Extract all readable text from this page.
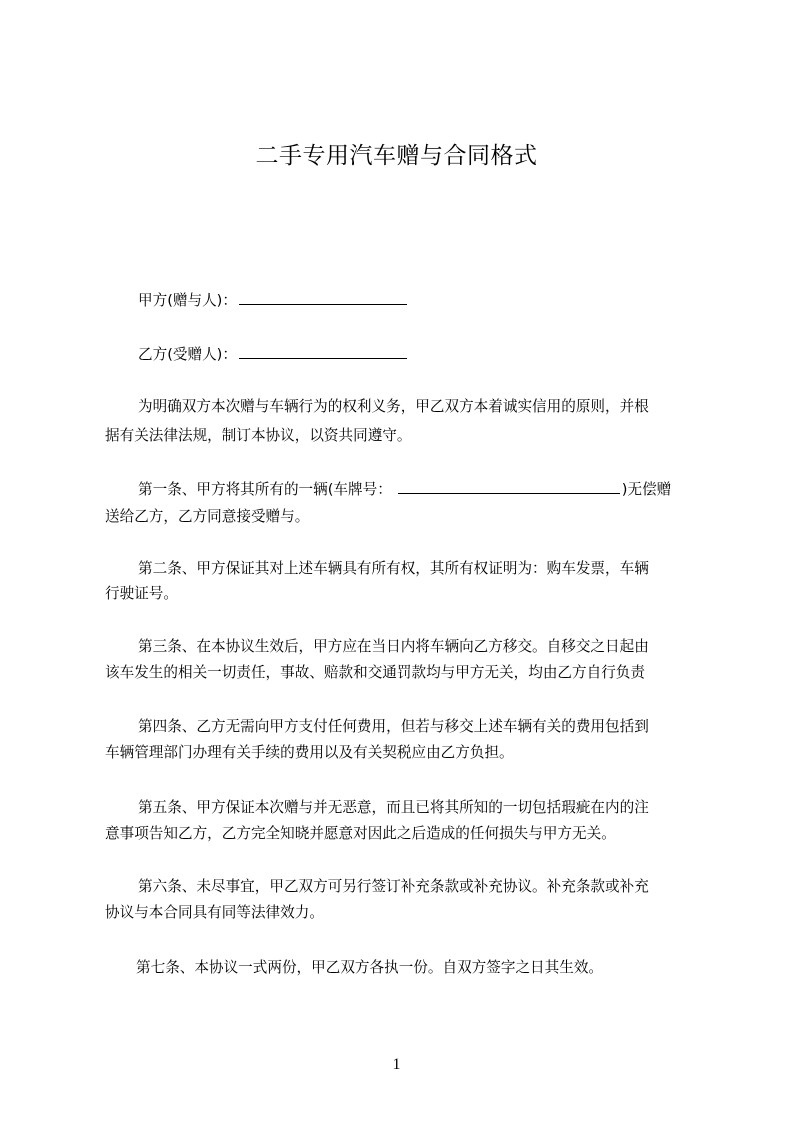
二手专用汽车赠与合同格式
甲方(赠与人)：
乙方(受赠人)：
为明确双方本次赠与车辆行为的权利义务，甲乙双方本着诚实信用的原则，并根
据有关法律法规，制订本协议，以资共同遵守。
第一条、甲方将其所有的一辆(车牌号：	)无偿赠
送给乙方，乙方同意接受赠与。
第二条、甲方保证其对上述车辆具有所有权，其所有权证明为：购车发票，车辆
行驶证号。
第三条、在本协议生效后，甲方应在当日内将车辆向乙方移交。自移交之日起由
该车发生的相关一切责任，事故、赔款和交通罚款均与甲方无关，均由乙方自行负责
第四条、乙方无需向甲方支付任何费用，但若与移交上述车辆有关的费用包括到
车辆管理部门办理有关手续的费用以及有关契税应由乙方负担。
第五条、甲方保证本次赠与并无恶意，而且已将其所知的一切包括瑕疵在内的注
意事项告知乙方，乙方完全知晓并愿意对因此之后造成的任何损失与甲方无关。
第六条、未尽事宜，甲乙双方可另行签订补充条款或补充协议。补充条款或补充
协议与本合同具有同等法律效力。
第七条、本协议一式两份，甲乙双方各执一份。自双方签字之日其生效。
1
